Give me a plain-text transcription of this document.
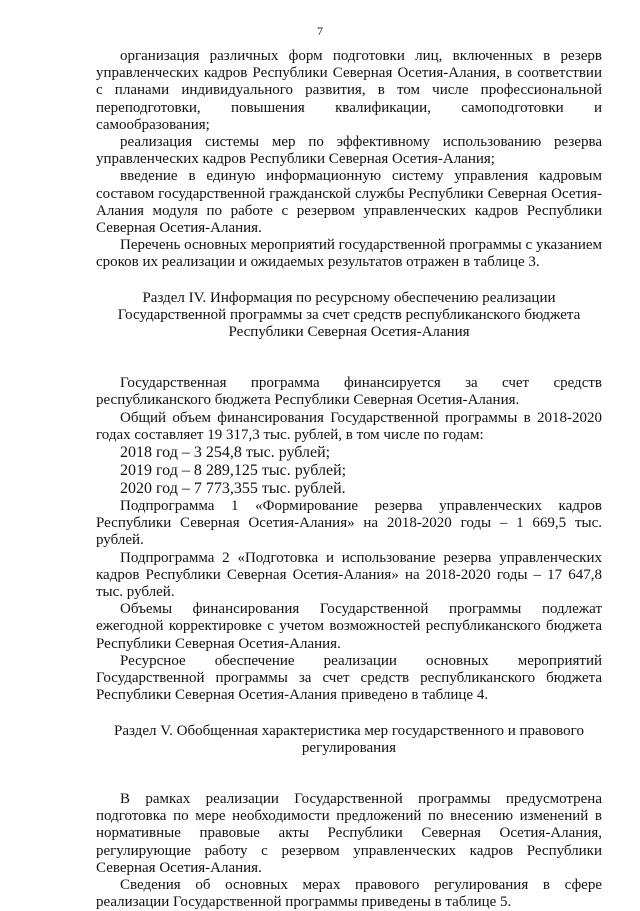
7

организация различных форм подготовки лиц, включенных в резерв управленческих кадров Республики Северная Осетия-Алания, в соответствии с планами индивидуального развития, в том числе профессиональной переподготовки, повышения квалификации, самоподготовки и самообразования;

реализация системы мер по эффективному использованию резерва управленческих кадров Республики Северная Осетия-Алания;

введение в единую информационную систему управления кадровым составом государственной гражданской службы Республики Северная Осетия-Алания модуля по работе с резервом управленческих кадров Республики Северная Осетия-Алания.

Перечень основных мероприятий государственной программы с указанием сроков их реализации и ожидаемых результатов отражен в таблице 3.

Раздел IV. Информация по ресурсному обеспечению реализации Государственной программы за счет средств республиканского бюджета Республики Северная Осетия-Алания

Государственная программа финансируется за счет средств республиканского бюджета Республики Северная Осетия-Алания.

Общий объем финансирования Государственной программы в 2018-2020 годах составляет 19 317,3 тыс. рублей, в том числе по годам:

2018 год – 3 254,8 тыс. рублей;
2019 год – 8 289,125 тыс. рублей;
2020 год – 7 773,355 тыс. рублей.

Подпрограмма 1 «Формирование резерва управленческих кадров Республики Северная Осетия-Алания» на 2018-2020 годы – 1 669,5 тыс. рублей.

Подпрограмма 2 «Подготовка и использование резерва управленческих кадров Республики Северная Осетия-Алания» на 2018-2020 годы – 17 647,8 тыс. рублей.

Объемы финансирования Государственной программы подлежат ежегодной корректировке с учетом возможностей республиканского бюджета Республики Северная Осетия-Алания.

Ресурсное обеспечение реализации основных мероприятий Государственной программы за счет средств республиканского бюджета Республики Северная Осетия-Алания приведено в таблице 4.

Раздел V. Обобщенная характеристика мер государственного и правового
регулирования

В рамках реализации Государственной программы предусмотрена подготовка по мере необходимости предложений по внесению изменений в нормативные правовые акты Республики Северная Осетия-Алания, регулирующие работу с резервом управленческих кадров Республики Северная Осетия-Алания.

Сведения об основных мерах правового регулирования в сфере реализации Государственной программы приведены в таблице 5.
